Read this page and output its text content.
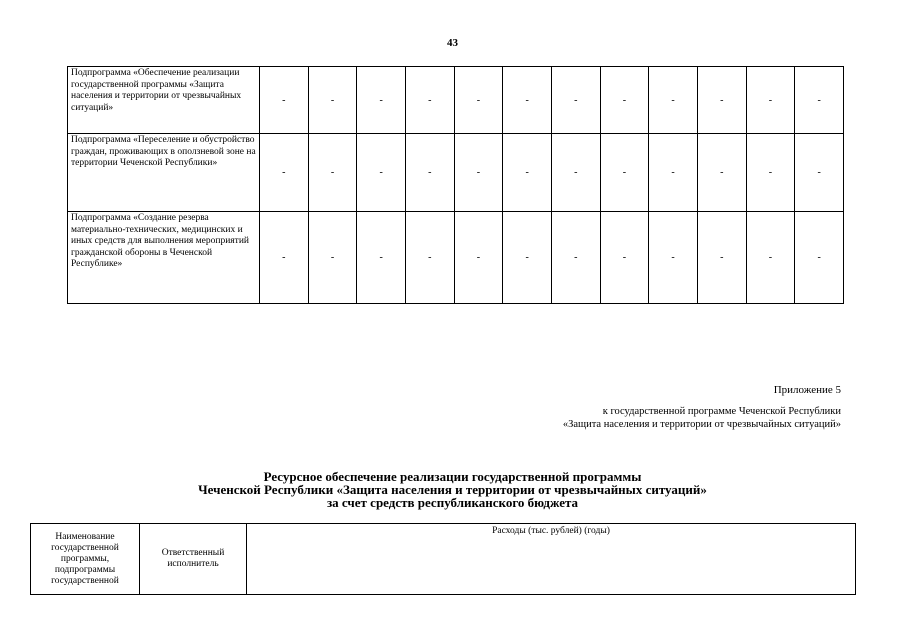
43
Подпрограмма «Обеспечение реализации государственной программы «Защита населения и территории от чрезвычайных ситуаций»	-	-	-	-	-	-	-	-	-	-	-	-
Подпрограмма «Переселение и обустройство граждан, проживающих в оползневой зоне на территории Чеченской Республики»	-	-	-	-	-	-	-	-	-	-	-	-
Подпрограмма «Создание резерва материально-технических, медицинских и иных средств для выполнения мероприятий гражданской обороны в Чеченской Республике»	-	-	-	-	-	-	-	-	-	-	-	-
Приложение 5
к государственной программе Чеченской Республики
«Защита населения и территории от чрезвычайных ситуаций»
Ресурсное обеспечение реализации государственной программы
Чеченской Республики «Защита населения и территории от чрезвычайных ситуаций»
за счет средств республиканского бюджета
Наименование государственной программы, подпрограммы государственной	Ответственный исполнитель	Расходы (тыс. рублей) (годы)
